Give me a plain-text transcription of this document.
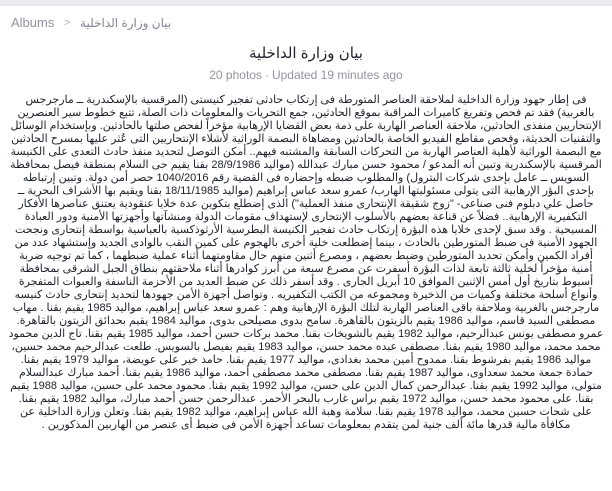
Albums > بيان وزارة الداخلية
بيان وزارة الداخلية
20 photos · Updated 19 minutes ago
فى إطار جهود وزارة الداخلية لملاحقة العناصر المتورطة فى إرتكاب حادثى تفجير كنيستى (المرقسية بالإسكندرية ــ مارجرجس بالغربية) فقد تم فحص وتفريغ كاميرات المراقبة بموقع الحادثين، جمع التحريات والمعلومات ذات الصلة، تتبع خطوط سير العنصرين الإنتحاريين منفذى الحادثين، ملاحقة العناصر الهاربة على ذمة بعض القضايا الإرهابية مؤخراً لفحص صلتها بالحادثين. وبإستخدام الوسائل والتقنيات الحديثة، وفحص مقاطع الفيديو الخاصة بالحادثين ومضاهاة البصمة الوراثية لأشلاء الإنتحاريين التى عُثر عليها بمسرح الحادثين مع البصمة الوراثية لأهلية العناصر الهاربة من التحركات السابقة والمشتبه فيهم.. أمكن التوصل لتحديد منفذ حادث التعدى على الكنيسة المرقسية بالإسكندرية وتبين أنه المدعو / محمود حسن مبارك عبدالله (مواليد 28/9/1986 بقنا يقيم حى السلام بمنطقة فيصل بمحافظة السويس ــ عامل بإحدى شركات البترول) والمطلوب ضبطه وإحضاره فى القضية رقم 1040/2016 حصر أمن دولة. وتبين إرتباطه بإحدى البؤر الإرهابية التى يتولى مسئوليتها الهارب/ عمرو سعد عباس إبراهيم (مواليد 18/11/1985 بقنا ويقيم بها الأشراف البحرية ــ حاصل علي دبلوم فنى صناعى- "زوج شقيقة الإنتحارى منفذ العملية") الذى إضطلع بتكوين عدة خلايا عنقودية يعتنق عناصرها الأفكار التكفيرية الإرهابية.. فضلاً عن قناعة بعضهم بالأسلوب الإنتحارى لإستهداف مقومات الدولة ومنشآتها وأجهزتها الأمنية ودور العبادة المسيحية . وقد سبق لإحدى خلايا هذه البؤرة إرتكاب حادث تفجير الكنيسة البطرسية الأرثوذكسية بالعباسية بواسطة إنتحارى ونجحت الجهود الأمنية فى ضبط المتورطين بالحادث ، بينما إضطلعت خلية أخرى بالهجوم على كمين النقب بالوادى الجديد وإستشهاد عدد من أفراد الكمين وأمكن تحديد المتورطين وضبط بعضهم ، ومصرع أثنين منهم حال مقاومتهما أثناء عملية ضبطهما ، كما تم توجيه ضربة أمنية مؤخراً لخلية ثالثة تابعة لذات البؤرة أسفرت عن مصرع سبعة من أبرز كوادرها أثناء ملاحقتهم بنطاق الجبل الشرقى بمحافظة أسيوط بتاريخ أول أمس الإثنين الموافق 10 أبريل الجارى . وقد أسفر ذلك عن ضبط العديد من الأحزمة الناسفة والعبوات المتفجرة وأنواع أسلحة مختلفة وكميات من الذخيرة ومجموعه من الكتب التكفيريه . وتواصل أجهزة الأمن جهودها لتحديد إنتحارى حادث كنيسه مارجرجس بالغربية وملاحقة باقى العناصر الهاربة لتلك البؤرة الإرهابية وهم : عمرو سعد عباس إبراهيم، مواليد 1985 يقيم بقنا . مهاب مصطفى السيد قاسم، مواليد 1986 يقيم بالزيتون بالقاهرة. سامح بدوى مصيلحى بدوى، مواليد 1984 يقيم بحدائق الزيتون بالقاهرة. عمرو مصطفى يونس عبدالرحيم، مواليد 1982 يقيم بالشويخات بقنا. محمد بركات حسن أحمد، مواليد 1985 يقيم بقنا. تاج الدين محمود محمد محمد، مواليد 1980 يقيم بقنا. مصطفى عبده محمد حسن، مواليد 1983 يقيم بفيصل بالسويس. طلعت عبدالرحيم محمد حسين، مواليد 1986 يقيم بفرشوط بقنا. ممدوح أمين محمد بغدادى، مواليد 1977 يقيم بقنا. حامد خير على عويضة، مواليد 1979 يقيم بقنا. حمادة جمعة محمد سعداوى، مواليد 1987 يقيم بقنا. مصطفى محمد مصطفى أحمد، مواليد 1986 يقيم بقنا. أحمد مبارك عبدالسلام متولى، مواليد 1992 يقيم بقنا. عبدالرحمن كمال الدين على حسن، مواليد 1992 يقيم بقنا. محمود محمد على حسين، مواليد 1988 يقيم بقنا. على محمود محمد حسن، مواليد 1972 يقيم براس غارب بالبحر الأحمر. عبدالرحمن حسن أحمد مبارك، مواليد 1982 يقيم بقنا. على شحات حسين محمد، مواليد 1978 يقيم بقنا. سلامة وهبة الله عباس إبراهيم، مواليد 1982 يقيم بقنا. وتعلن وزارة الداخلية عن مكافأة مالية قدرها مائة ألف جنية لمن يتقدم بمعلومات تساعد أجهزة الأمن فى ضبط أى عنصر من الهاربين المذكورين .
